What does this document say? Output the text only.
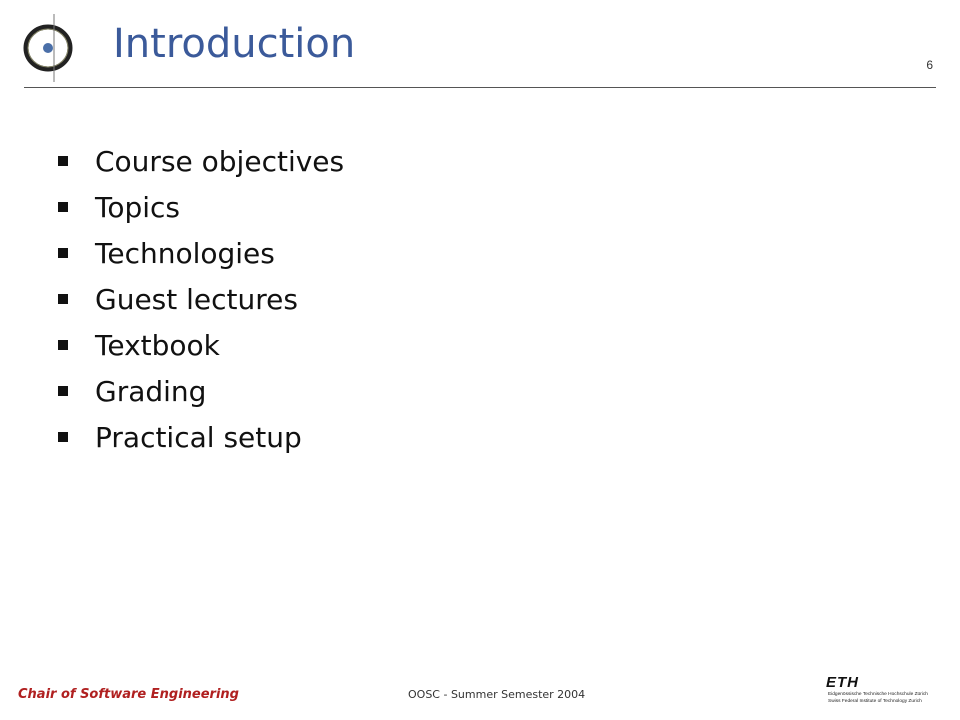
Introduction	6
Course objectives
Topics
Technologies
Guest lectures
Textbook
Grading
Practical setup
Chair of Software Engineering	OOSC - Summer Semester 2004
ETH
Eidgenössische Technische Hochschule Zürich
Swiss Federal Institute of Technology Zurich
